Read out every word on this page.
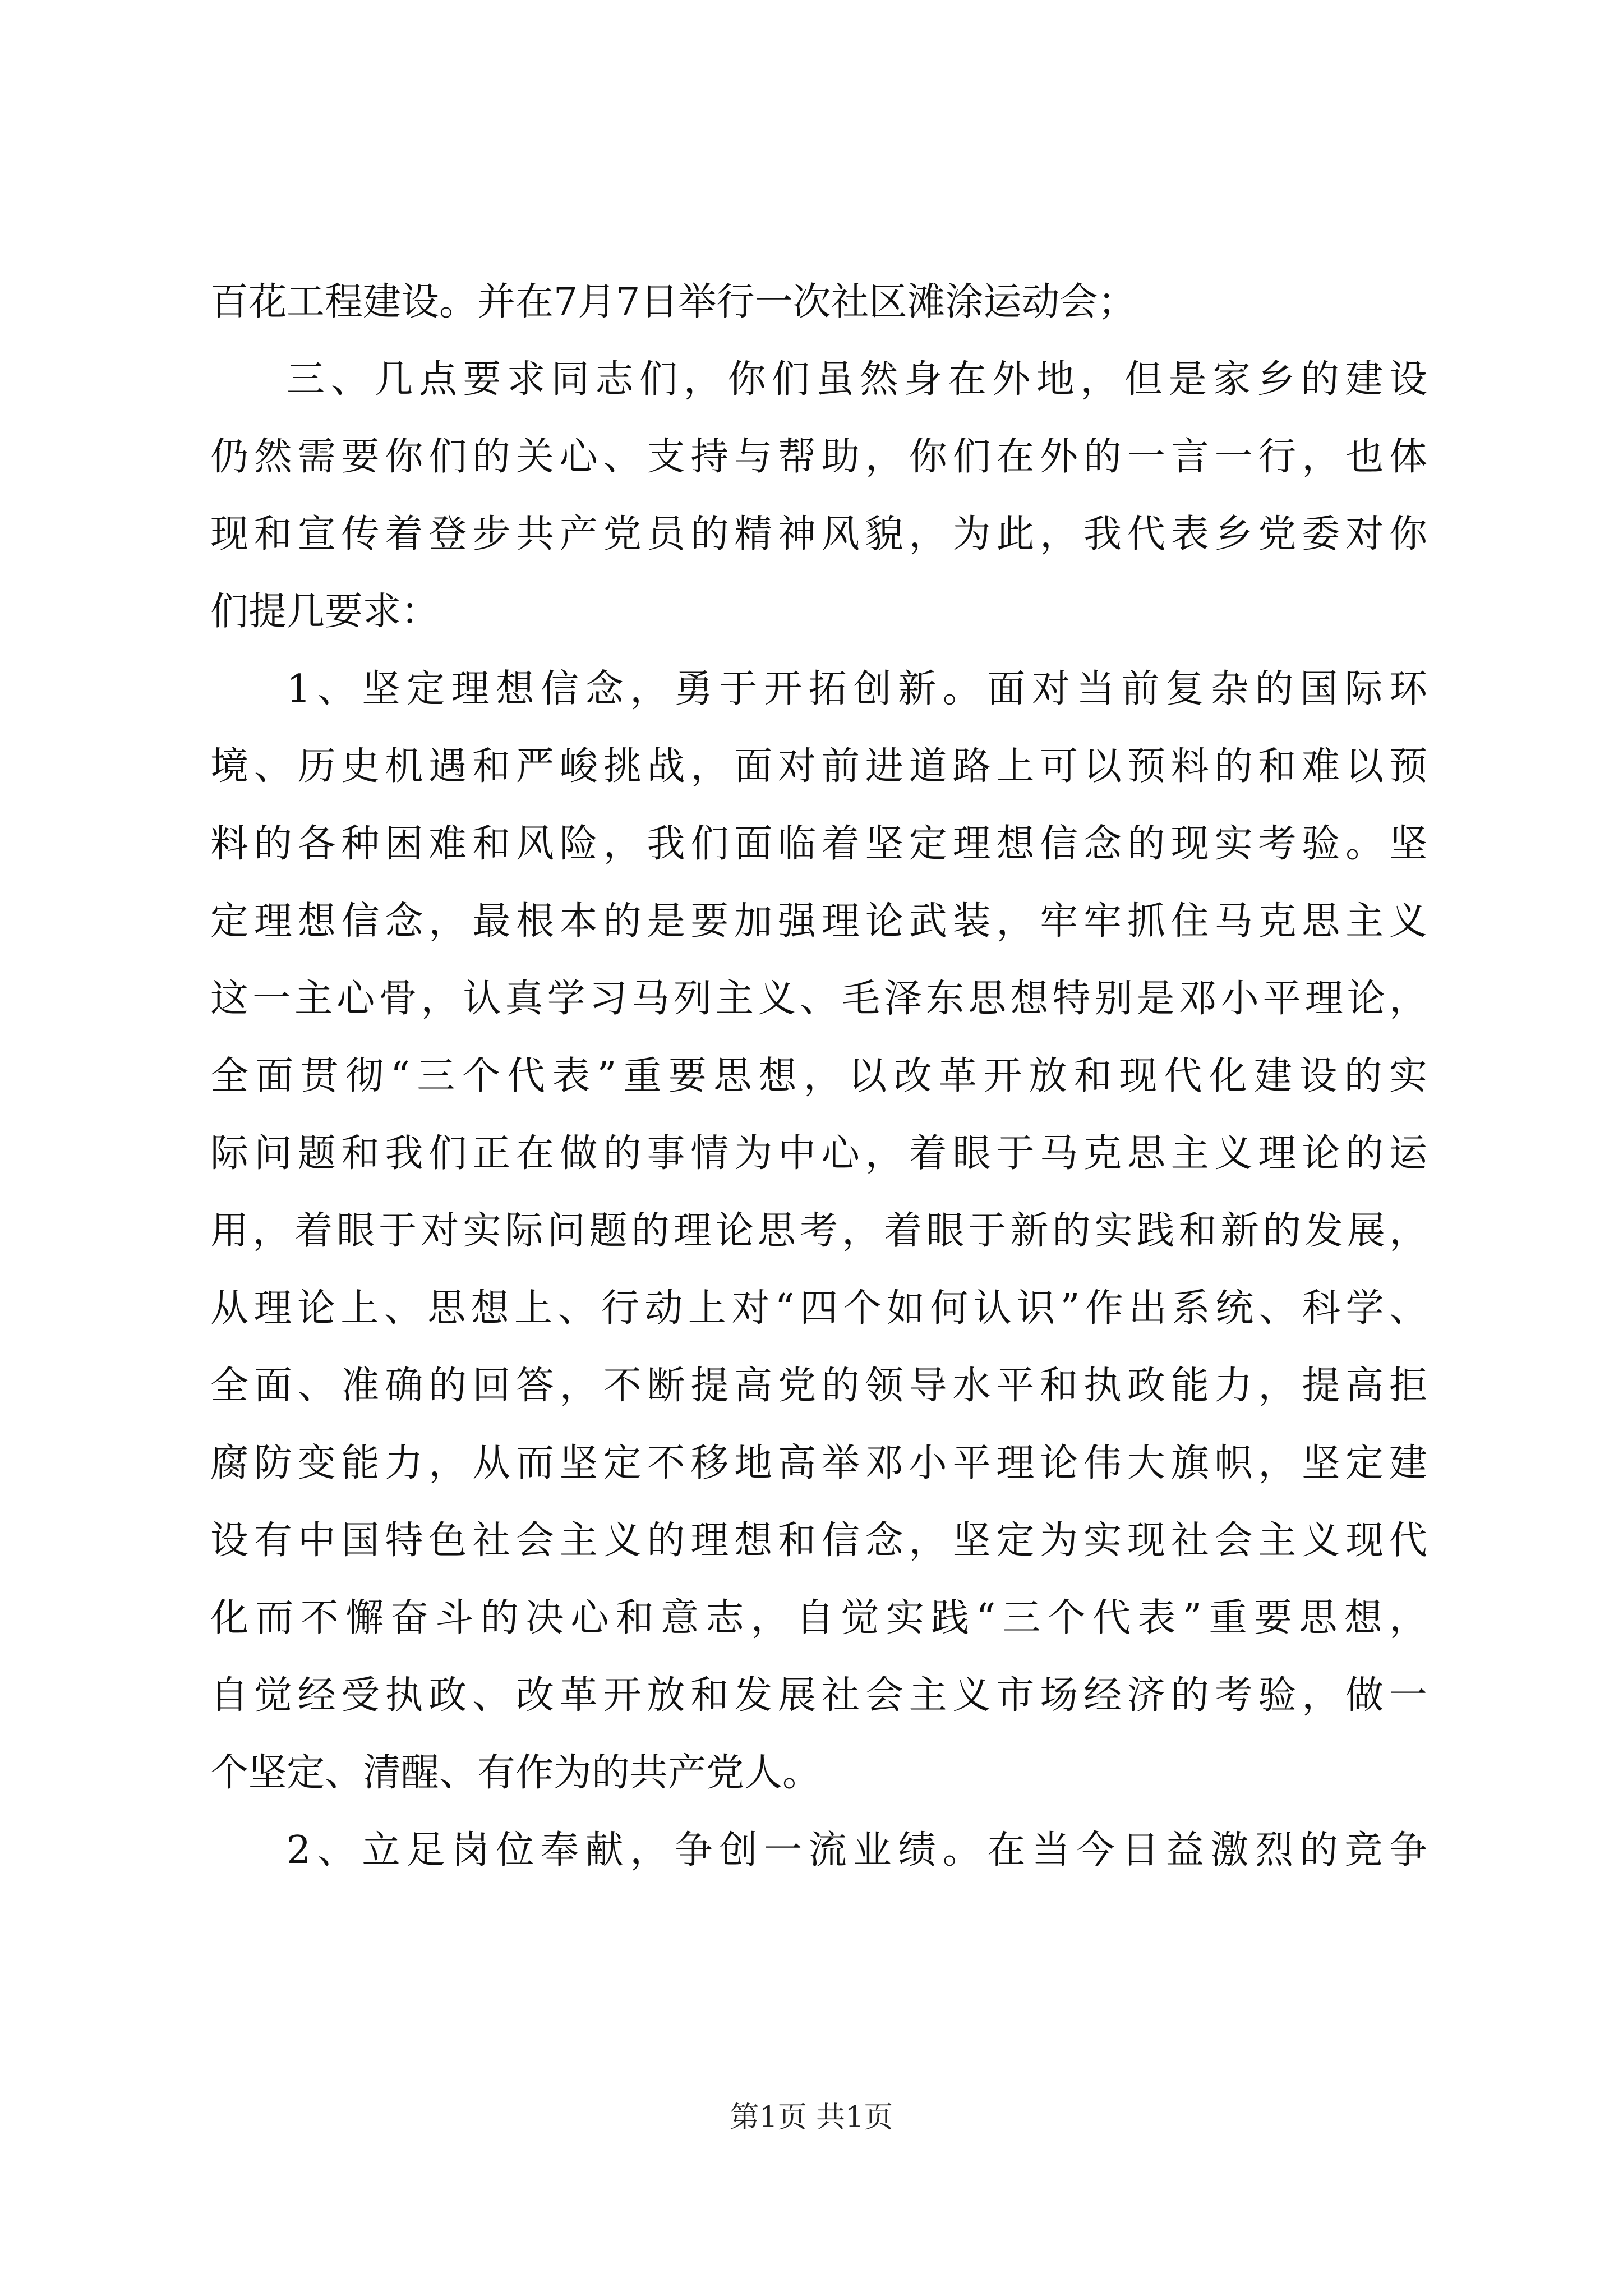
百花工程建设。并在7月7日举行一次社区滩涂运动会；
三、几点要求同志们，你们虽然身在外地，但是家乡的建设
仍然需要你们的关心、支持与帮助，你们在外的一言一行，也体
现和宣传着登步共产党员的精神风貌，为此，我代表乡党委对你
们提几要求：
1、坚定理想信念，勇于开拓创新。面对当前复杂的国际环
境、历史机遇和严峻挑战，面对前进道路上可以预料的和难以预
料的各种困难和风险，我们面临着坚定理想信念的现实考验。坚
定理想信念，最根本的是要加强理论武装，牢牢抓住马克思主义
这一主心骨，认真学习马列主义、毛泽东思想特别是邓小平理论，
全面贯彻“三个代表”重要思想，以改革开放和现代化建设的实
际问题和我们正在做的事情为中心，着眼于马克思主义理论的运
用，着眼于对实际问题的理论思考，着眼于新的实践和新的发展，
从理论上、思想上、行动上对“四个如何认识”作出系统、科学、
全面、准确的回答，不断提高党的领导水平和执政能力，提高拒
腐防变能力，从而坚定不移地高举邓小平理论伟大旗帜，坚定建
设有中国特色社会主义的理想和信念，坚定为实现社会主义现代
化而不懈奋斗的决心和意志，自觉实践“三个代表”重要思想，
自觉经受执政、改革开放和发展社会主义市场经济的考验，做一
个坚定、清醒、有作为的共产党人。
2、立足岗位奉献，争创一流业绩。在当今日益激烈的竞争
第1页 共1页
